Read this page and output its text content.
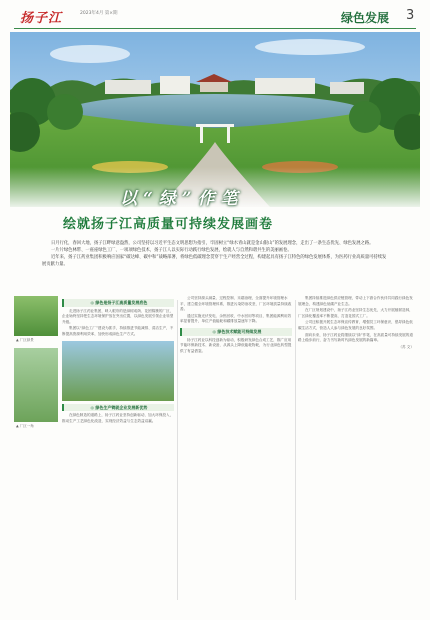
扬子江	2023年4月 第×期	绿色发展 3
以“绿”作笔
绘就扬子江高质量可持续发展画卷

日月行化，春回大地，扬子江畔绿意盎然，公司坚持以习近平生态文明思想为指引，牢固树立“绿水青山就是金山银山”的发展理念，走出了一条生态优先、绿色发展之路。

一片片绿色林带、一座座绿色工厂、一项项绿色技术，扬子江人以实际行动践行绿色发展，绘就人与自然和谐共生的美丽画卷。

近年来，扬子江药业集团积极响应国家“碳达峰、碳中和”战略部署，将绿色低碳理念贯穿于生产经营全过程，构建起具有扬子江特色的绿色发展体系，为医药行业高质量可持续发展贡献力量。

▲ 厂区绿景
▲ 厂区一角
◎ 绿色是扬子江高质量发展底色

走进扬子江药业集团，映入眼帘的是绿树成荫、花团锦簇的厂区，企业始终坚持把生态环境保护放在突出位置，以绿色发展引领企业转型升级。

集团以“绿色工厂”建设为抓手，持续推进节能减排、清洁生产，不断提高资源利用效率，加快形成绿色生产方式。

◎ 绿色生产铸就企业发展新优势

在绿色制造的道路上，扬子江药业坚持创新驱动，加大环保投入，推动生产工艺绿色化改造，实现经济效益与生态效益双赢。

公司坚持源头减量、过程控制、末端治理，全面提升环境管理水平，建立健全环境管理体系，推进污染防治攻坚，厂区环境质量持续改善。

通过实施光伏发电、余热回收、中水回用等项目，集团能源利用效率显著提升，单位产值能耗和碳排放量逐年下降。

◎ 绿色技术赋能可持续发展

扬子江药业以科技创新为驱动，积极研发绿色合成工艺，推广应用节能环保新技术、新设备，从源头上降低能耗物耗，为行业绿色转型提供了有益借鉴。

集团持续推进绿色供应链管理，带动上下游合作伙伴共同践行绿色发展理念，构建绿色低碳产业生态。

在厂区规划建设中，扬子江药业坚持生态优先，大力开展植树造林，厂区绿化覆盖率不断提高，打造花园式工厂。

公司还积极开展生态环保宣传教育，增强员工环保意识，倡导绿色低碳生活方式，营造人人参与绿色发展的良好氛围。

面向未来，扬子江药业将继续以“绿”作笔，在高质量可持续发展的道路上稳步前行，奋力书写新时代绿色发展的新篇章。

（苏 文）
